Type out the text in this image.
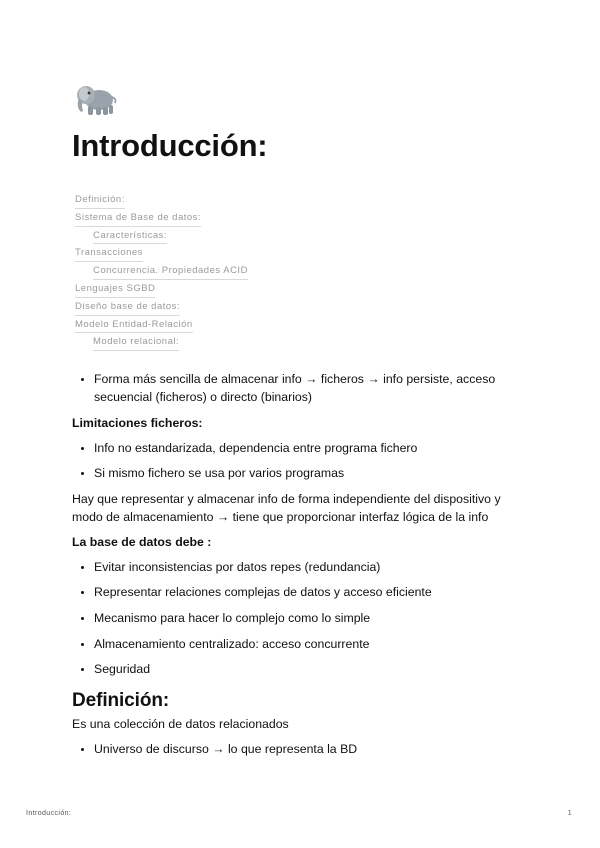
Introducción:
Definición:
Sistema de Base de datos:
Características:
Transacciones
Concurrencia. Propiedades ACID
Lenguajes SGBD
Diseño base de datos:
Modelo Entidad-Relación
Modelo relacional:
• Forma más sencilla de almacenar info → ficheros → info persiste, acceso secuencial (ficheros) o directo (binarios)

Limitaciones ficheros:

• Info no estandarizada, dependencia entre programa fichero
• Si mismo fichero se usa por varios programas

Hay que representar y almacenar info de forma independiente del dispositivo y modo de almacenamiento → tiene que proporcionar interfaz lógica de la info

La base de datos debe :

• Evitar inconsistencias por datos repes (redundancia)
• Representar relaciones complejas de datos y acceso eficiente
• Mecanismo para hacer lo complejo como lo simple
• Almacenamiento centralizado: acceso concurrente
• Seguridad
Definición:

Es una colección de datos relacionados

• Universo de discurso → lo que representa la BD
Introducción:	1
